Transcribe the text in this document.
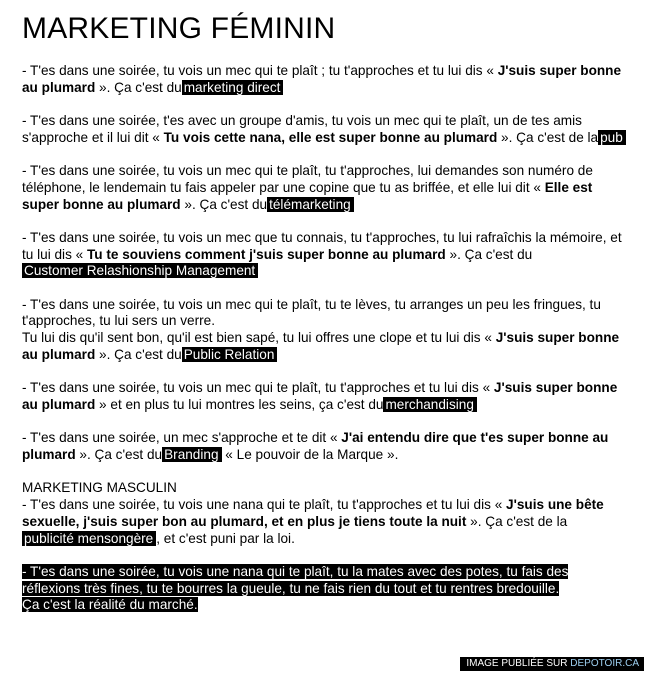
MARKETING FÉMININ

- T'es dans une soirée, tu vois un mec qui te plaît ; tu t'approches et tu lui dis « J'suis super bonne au plumard ». Ça c'est du marketing direct

- T'es dans une soirée, t'es avec un groupe d'amis, tu vois un mec qui te plaît, un de tes amis s'approche et il lui dit « Tu vois cette nana, elle est super bonne au plumard ». Ça c'est de la pub

- T'es dans une soirée, tu vois un mec qui te plaît, tu t'approches, lui demandes son numéro de téléphone, le lendemain tu fais appeler par une copine que tu as briffée, et elle lui dit « Elle est super bonne au plumard ». Ça c'est du télémarketing

- T'es dans une soirée, tu vois un mec que tu connais, tu t'approches, tu lui rafraîchis la mémoire, et tu lui dis « Tu te souviens comment j'suis super bonne au plumard ». Ça c'est du
Customer Relashionship Management

- T'es dans une soirée, tu vois un mec qui te plaît, tu te lèves, tu arranges un peu les fringues, tu t'approches, tu lui sers un verre.
Tu lui dis qu'il sent bon, qu'il est bien sapé, tu lui offres une clope et tu lui dis « J'suis super bonne au plumard ». Ça c'est du Public Relation

- T'es dans une soirée, tu vois un mec qui te plaît, tu t'approches et tu lui dis « J'suis super bonne au plumard » et en plus tu lui montres les seins, ça c'est du merchandising

- T'es dans une soirée, un mec s'approche et te dit « J'ai entendu dire que t'es super bonne au plumard ». Ça c'est du Branding « Le pouvoir de la Marque ».

MARKETING MASCULIN
- T'es dans une soirée, tu vois une nana qui te plaît, tu t'approches et tu lui dis « J'suis une bête sexuelle, j'suis super bon au plumard, et en plus je tiens toute la nuit ». Ça c'est de la
publicité mensongère , et c'est puni par la loi.

- T'es dans une soirée, tu vois une nana qui te plaît, tu la mates avec des potes, tu fais des
réflexions très fines, tu te bourres la gueule, tu ne fais rien du tout et tu rentres bredouille.
Ça c'est la réalité du marché.

IMAGE PUBLIÉE SUR DEPOTOIR.CA
